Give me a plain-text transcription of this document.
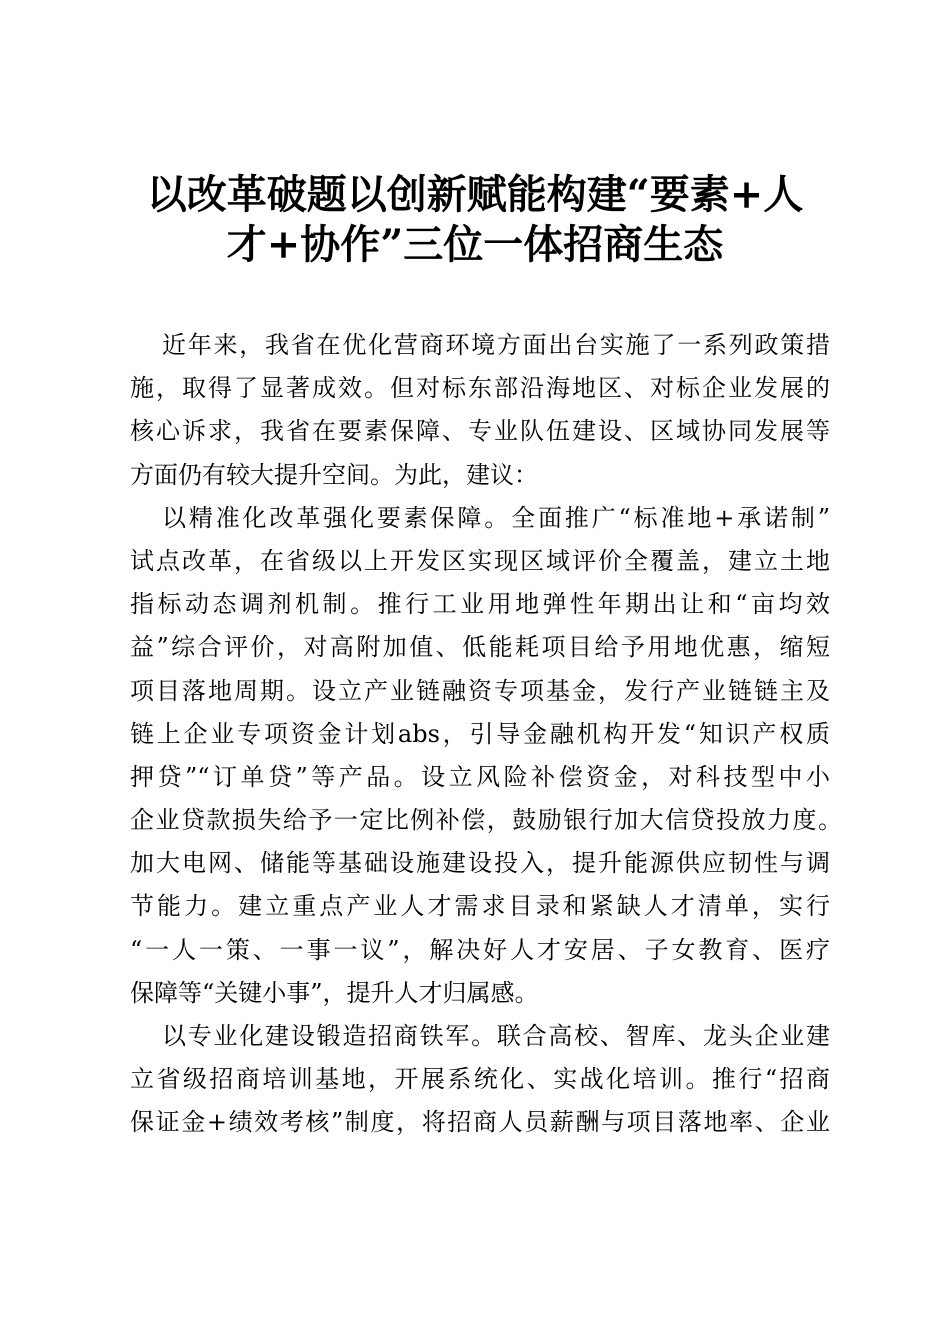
以改革破题以创新赋能构建“要素+人
才+协作”三位一体招商生态
近年来，我省在优化营商环境方面出台实施了一系列政策措
施，取得了显著成效。但对标东部沿海地区、对标企业发展的
核心诉求，我省在要素保障、专业队伍建设、区域协同发展等
方面仍有较大提升空间。为此，建议：
以精准化改革强化要素保障。全面推广“标准地+承诺制”
试点改革，在省级以上开发区实现区域评价全覆盖，建立土地
指标动态调剂机制。推行工业用地弹性年期出让和“亩均效
益”综合评价，对高附加值、低能耗项目给予用地优惠，缩短
项目落地周期。设立产业链融资专项基金，发行产业链链主及
链上企业专项资金计划abs，引导金融机构开发“知识产权质
押贷”“订单贷”等产品。设立风险补偿资金，对科技型中小
企业贷款损失给予一定比例补偿，鼓励银行加大信贷投放力度。
加大电网、储能等基础设施建设投入，提升能源供应韧性与调
节能力。建立重点产业人才需求目录和紧缺人才清单，实行
“一人一策、一事一议”，解决好人才安居、子女教育、医疗
保障等“关键小事”，提升人才归属感。
以专业化建设锻造招商铁军。联合高校、智库、龙头企业建
立省级招商培训基地，开展系统化、实战化培训。推行“招商
保证金+绩效考核”制度，将招商人员薪酬与项目落地率、企业
